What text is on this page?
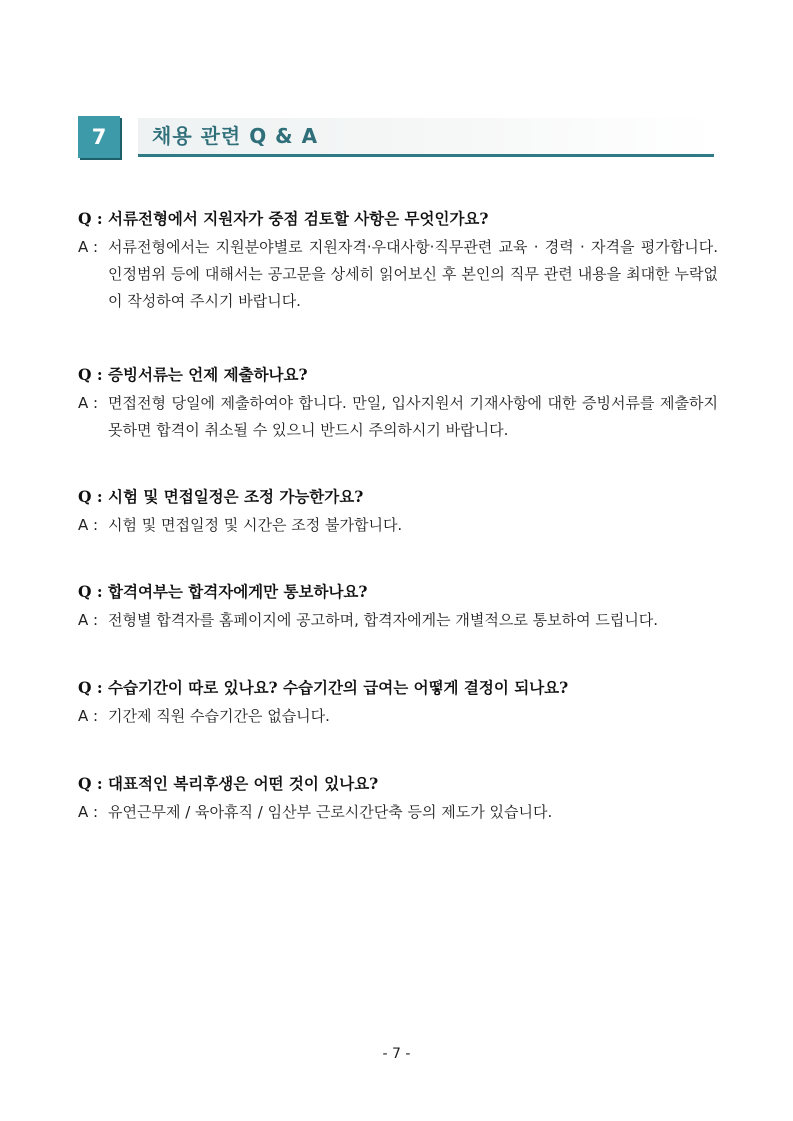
7	채용 관련 Q & A
Q : 서류전형에서 지원자가 중점 검토할 사항은 무엇인가요?
A : 서류전형에서는 지원분야별로 지원자격·우대사항·직무관련 교육 · 경력 · 자격을 평가합니다. 인정범위 등에 대해서는 공고문을 상세히 읽어보신 후 본인의 직무 관련 내용을 최대한 누락없이 작성하여 주시기 바랍니다.
Q : 증빙서류는 언제 제출하나요?
A : 면접전형 당일에 제출하여야 합니다. 만일, 입사지원서 기재사항에 대한 증빙서류를 제출하지 못하면 합격이 취소될 수 있으니 반드시 주의하시기 바랍니다.
Q : 시험 및 면접일정은 조정 가능한가요?
A : 시험 및 면접일정 및 시간은 조정 불가합니다.
Q : 합격여부는 합격자에게만 통보하나요?
A : 전형별 합격자를 홈페이지에 공고하며, 합격자에게는 개별적으로 통보하여 드립니다.
Q : 수습기간이 따로 있나요? 수습기간의 급여는 어떻게 결정이 되나요?
A : 기간제 직원 수습기간은 없습니다.
Q : 대표적인 복리후생은 어떤 것이 있나요?
A : 유연근무제 / 육아휴직 / 임산부 근로시간단축 등의 제도가 있습니다.
- 7 -
